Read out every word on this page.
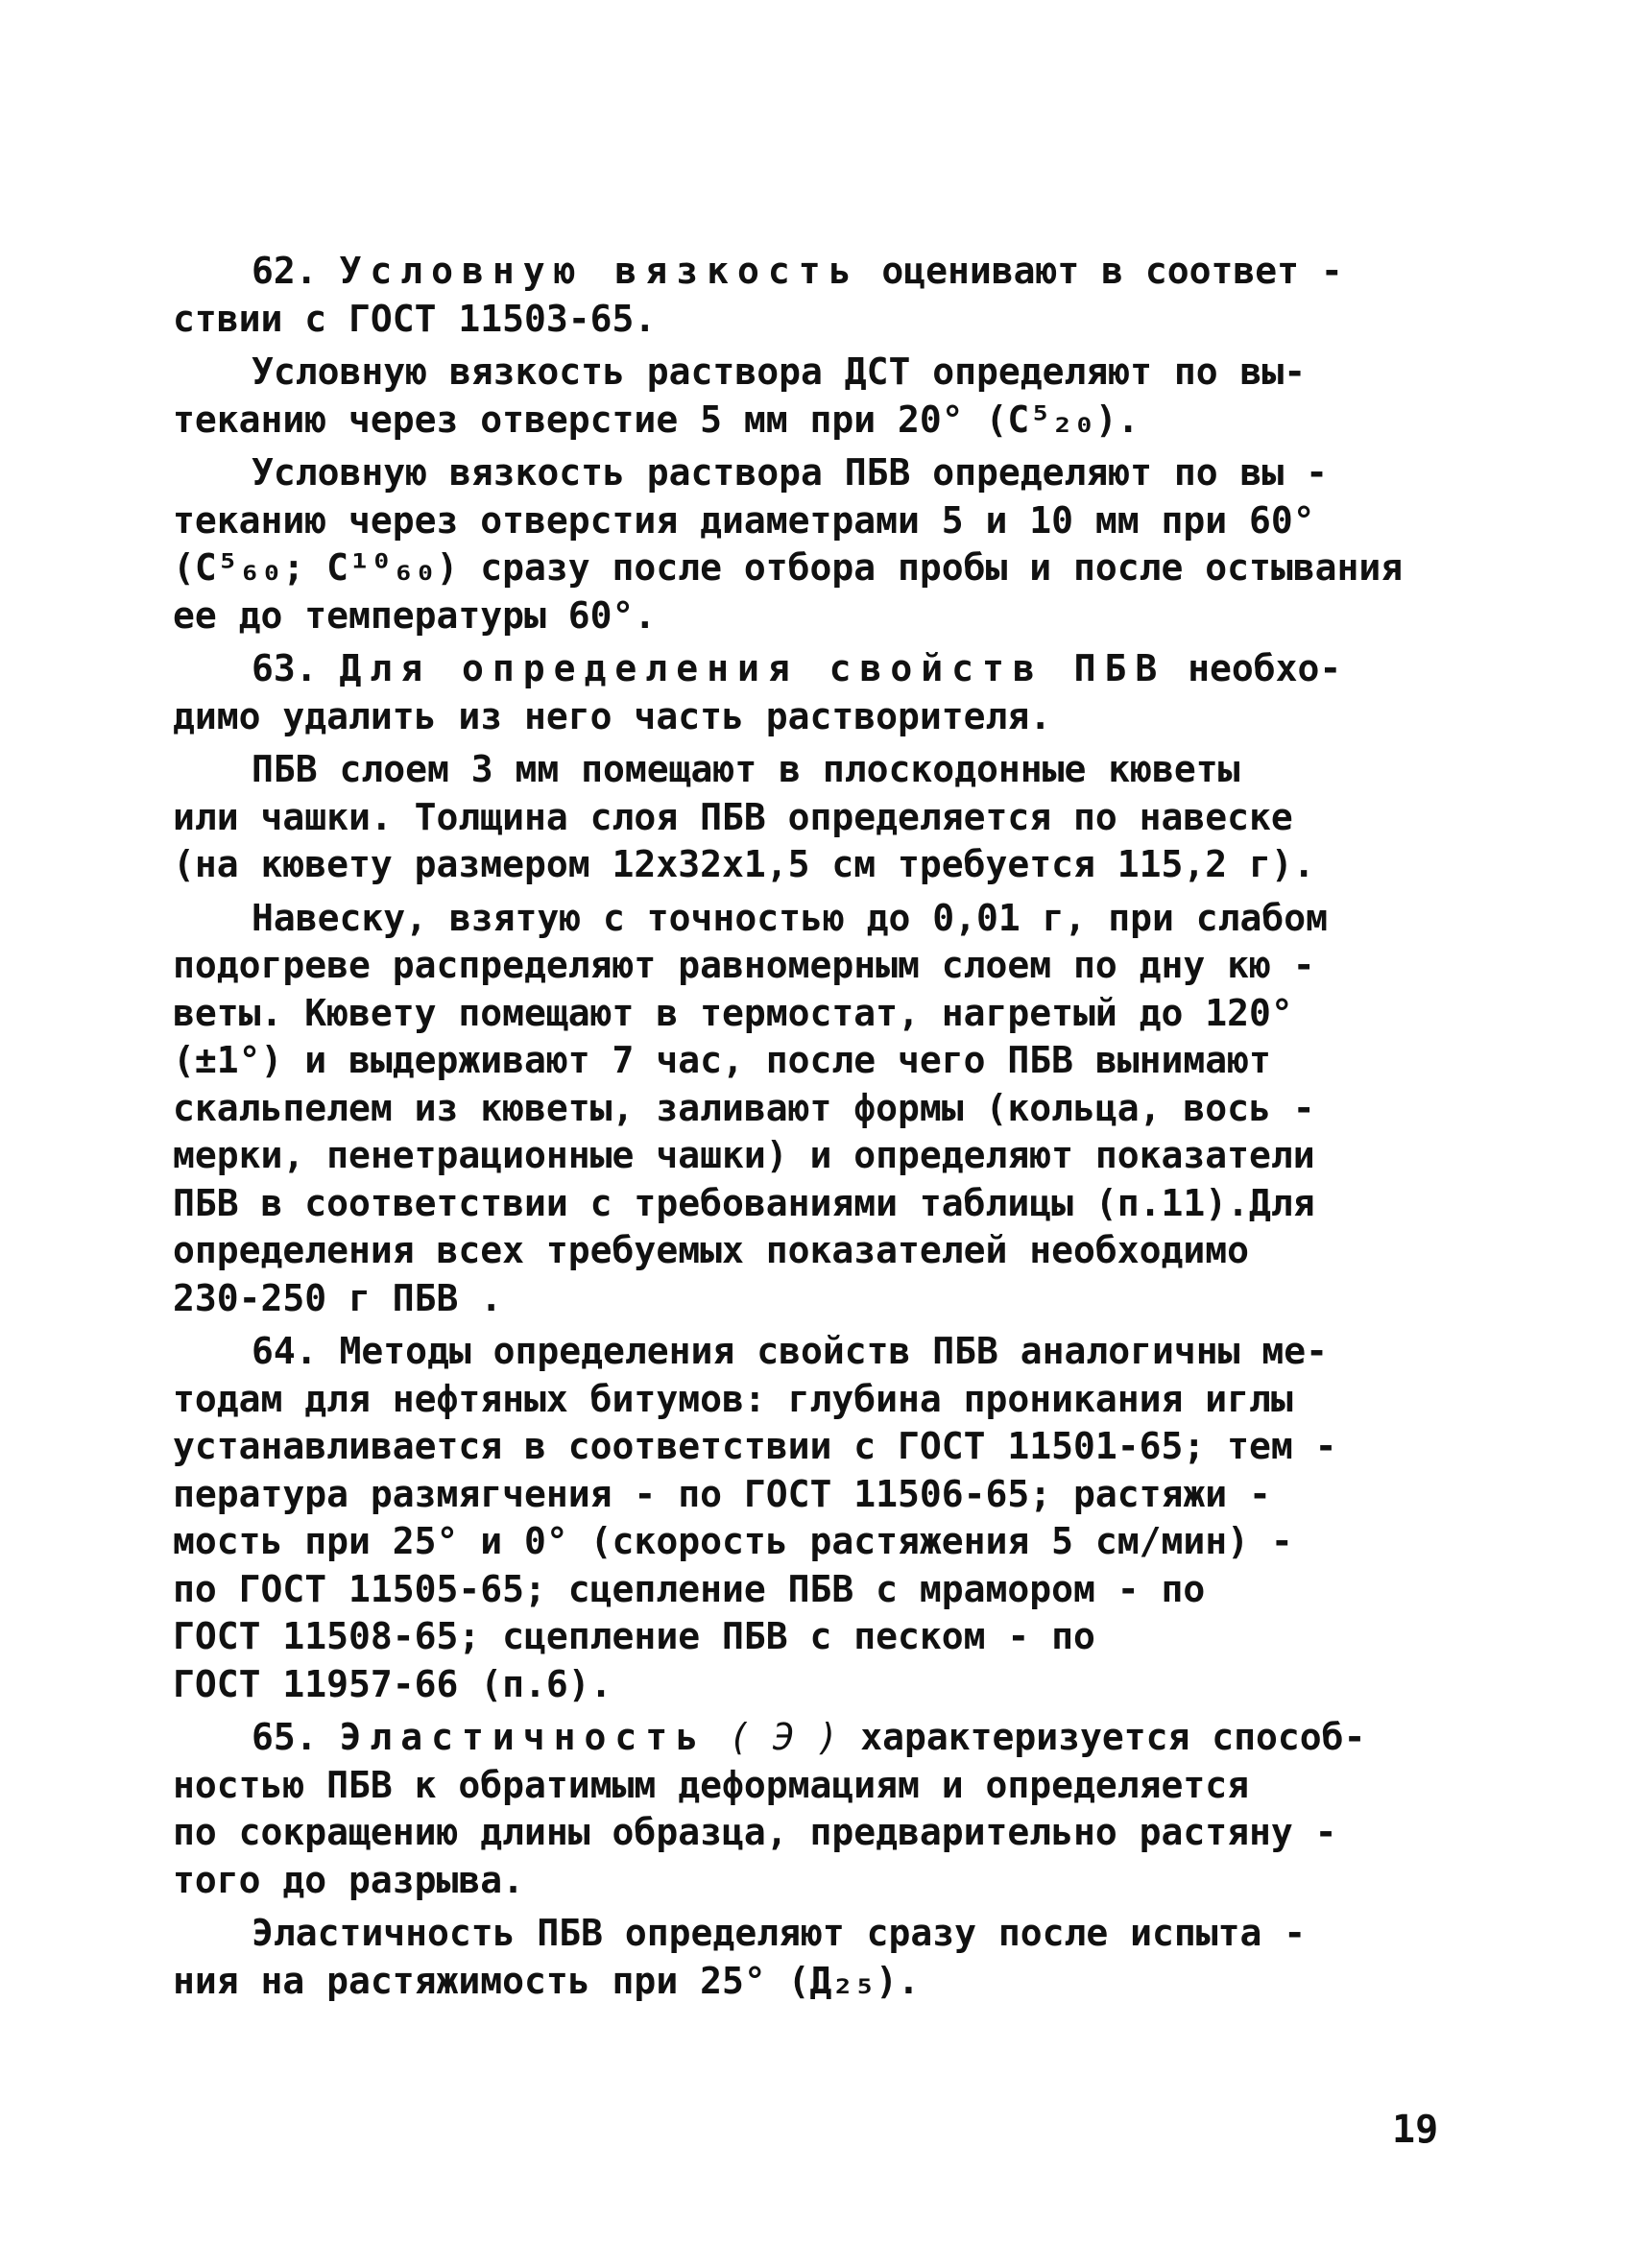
62. Условную вязкость оценивают в соответ -

ствии с ГОСТ 11503-65.

Условную вязкость раствора ДСТ определяют по вы-

теканию через отверстие 5 мм при 20° (C⁵₂₀).

Условную вязкость раствора ПБВ определяют по вы -

теканию через отверстия диаметрами 5 и 10 мм при 60°

(C⁵₆₀; C¹⁰₆₀) сразу после отбора пробы и после остывания

ее до температуры 60°.

63. Для определения свойств ПБВ необхо-

димо удалить из него часть растворителя.

ПБВ слоем 3 мм помещают в плоскодонные кюветы

или чашки. Толщина слоя ПБВ определяется по навеске

(на кювету размером 12х32х1,5 см требуется 115,2 г).

Навеску, взятую с точностью до 0,01 г, при слабом

подогреве распределяют равномерным слоем по дну кю -

веты. Кювету помещают в термостат, нагретый до 120°

(±1°) и выдерживают 7 час, после чего ПБВ вынимают

скальпелем из кюветы, заливают формы (кольца, вось -

мерки, пенетрационные чашки) и определяют показатели

ПБВ в соответствии с требованиями таблицы (п.11).Для

определения всех требуемых показателей необходимо

230-250 г ПБВ .

64. Методы определения свойств ПБВ аналогичны ме-

тодам для нефтяных битумов: глубина проникания иглы

устанавливается в соответствии с ГОСТ 11501-65; тем -

пература размягчения - по ГОСТ 11506-65; растяжи -

мость при 25° и 0° (скорость растяжения 5 см/мин) -

по ГОСТ 11505-65; сцепление ПБВ с мрамором - по

ГОСТ 11508-65; сцепление ПБВ с песком - по

ГОСТ 11957-66 (п.6).

65. Эластичность ( Э ) характеризуется способ-

ностью ПБВ к обратимым деформациям и определяется

по сокращению длины образца, предварительно растяну -

того до разрыва.

Эластичность ПБВ определяют сразу после испыта -

ния на растяжимость при 25° (Д₂₅).

19
